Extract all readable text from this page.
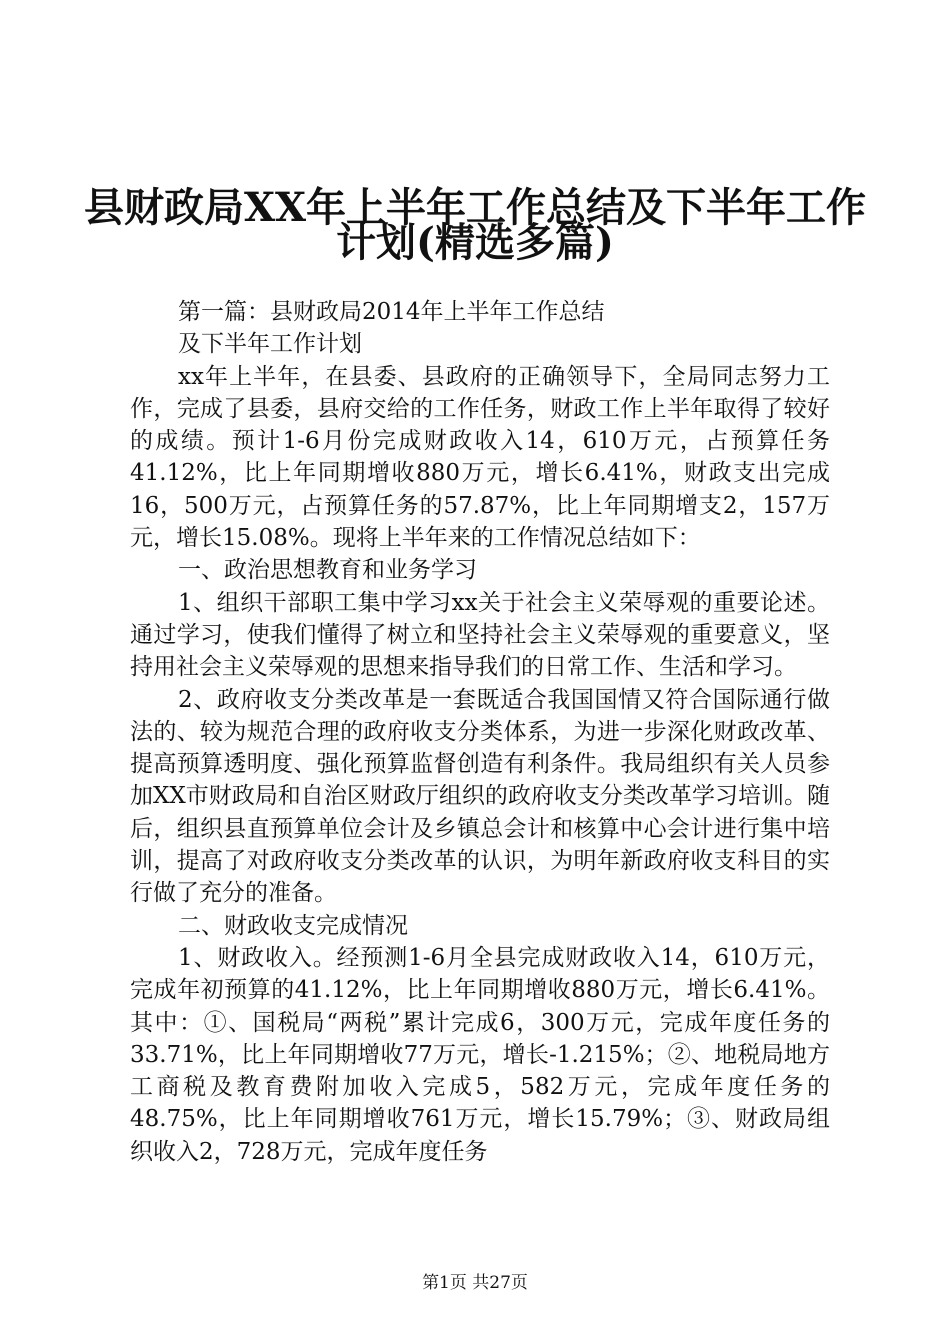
县财政局XX年上半年工作总结及下半年工作
计划(精选多篇)

第一篇：县财政局2014年上半年工作总结

及下半年工作计划

xx年上半年，在县委、县政府的正确领导下，全局同志努力工作，完成了县委，县府交给的工作任务，财政工作上半年取得了较好的成绩。预计1-6月份完成财政收入14，610万元，占预算任务41.12%，比上年同期增收880万元，增长6.41%，财政支出完成16，500万元，占预算任务的57.87%，比上年同期增支2，157万元，增长15.08%。现将上半年来的工作情况总结如下：

一、政治思想教育和业务学习

1、组织干部职工集中学习xx关于社会主义荣辱观的重要论述。通过学习，使我们懂得了树立和坚持社会主义荣辱观的重要意义，坚持用社会主义荣辱观的思想来指导我们的日常工作、生活和学习。

2、政府收支分类改革是一套既适合我国国情又符合国际通行做法的、较为规范合理的政府收支分类体系，为进一步深化财政改革、提高预算透明度、强化预算监督创造有利条件。我局组织有关人员参加XX市财政局和自治区财政厅组织的政府收支分类改革学习培训。随后，组织县直预算单位会计及乡镇总会计和核算中心会计进行集中培训，提高了对政府收支分类改革的认识，为明年新政府收支科目的实行做了充分的准备。

二、财政收支完成情况

1、财政收入。经预测1-6月全县完成财政收入14，610万元，完成年初预算的41.12%，比上年同期增收880万元，增长6.41%。其中：①、国税局“两税”累计完成6，300万元，完成年度任务的33.71%，比上年同期增收77万元，增长-1.215%；②、地税局地方工商税及教育费附加收入完成5，582万元，完成年度任务的48.75%，比上年同期增收761万元，增长15.79%；③、财政局组织收入2，728万元，完成年度任务

第1页 共27页
